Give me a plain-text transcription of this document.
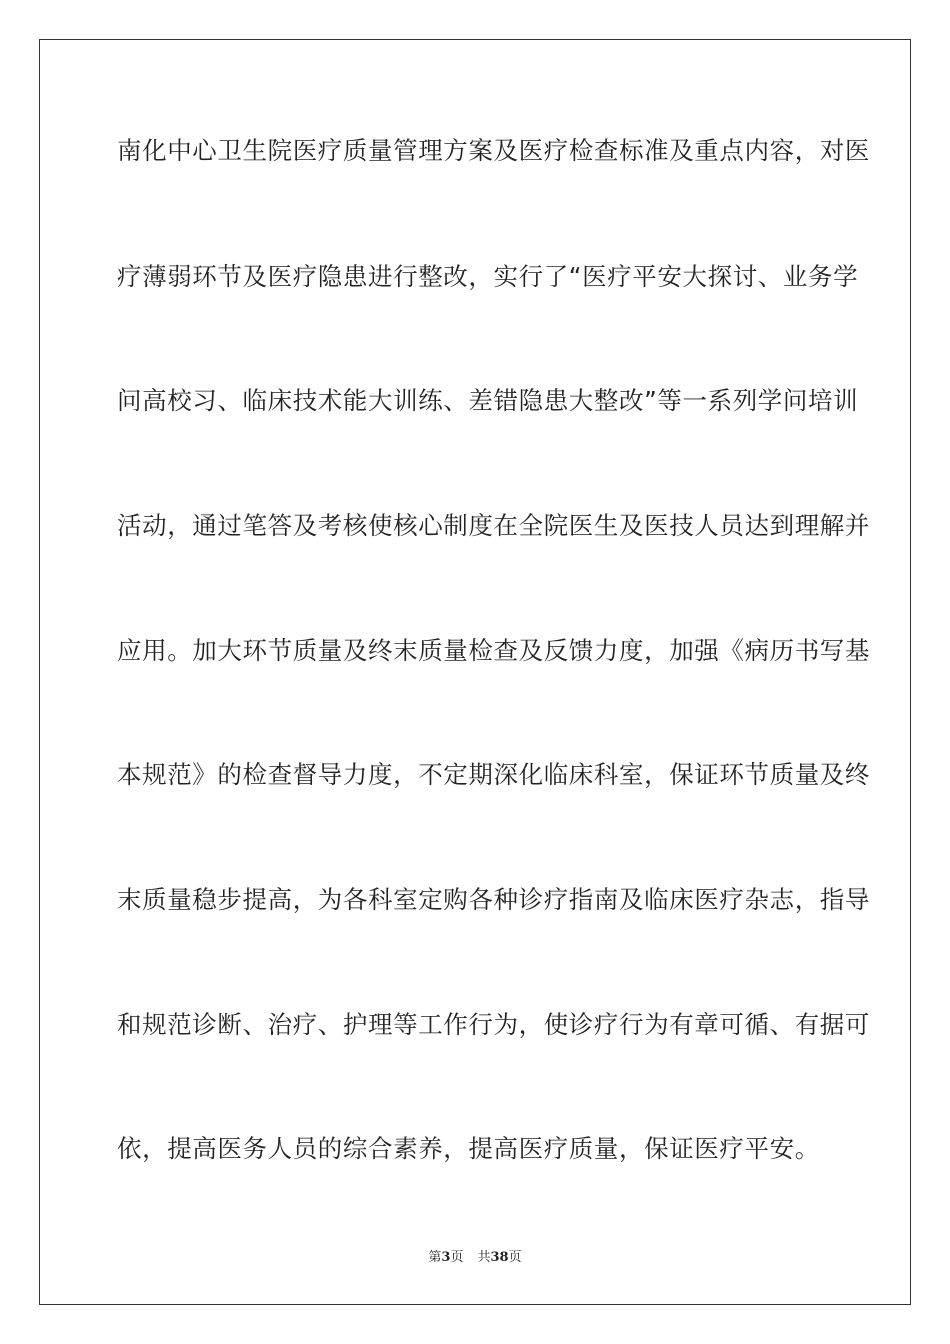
南化中心卫生院医疗质量管理方案及医疗检查标准及重点内容，对医
疗薄弱环节及医疗隐患进行整改，实行了“医疗平安大探讨、业务学
问高校习、临床技术能大训练、差错隐患大整改”等一系列学问培训
活动，通过笔答及考核使核心制度在全院医生及医技人员达到理解并
应用。加大环节质量及终末质量检查及反馈力度，加强《病历书写基
本规范》的检查督导力度，不定期深化临床科室，保证环节质量及终
末质量稳步提高，为各科室定购各种诊疗指南及临床医疗杂志，指导
和规范诊断、治疗、护理等工作行为，使诊疗行为有章可循、有据可
依，提高医务人员的综合素养，提高医疗质量，保证医疗平安。
第3页 共38页
